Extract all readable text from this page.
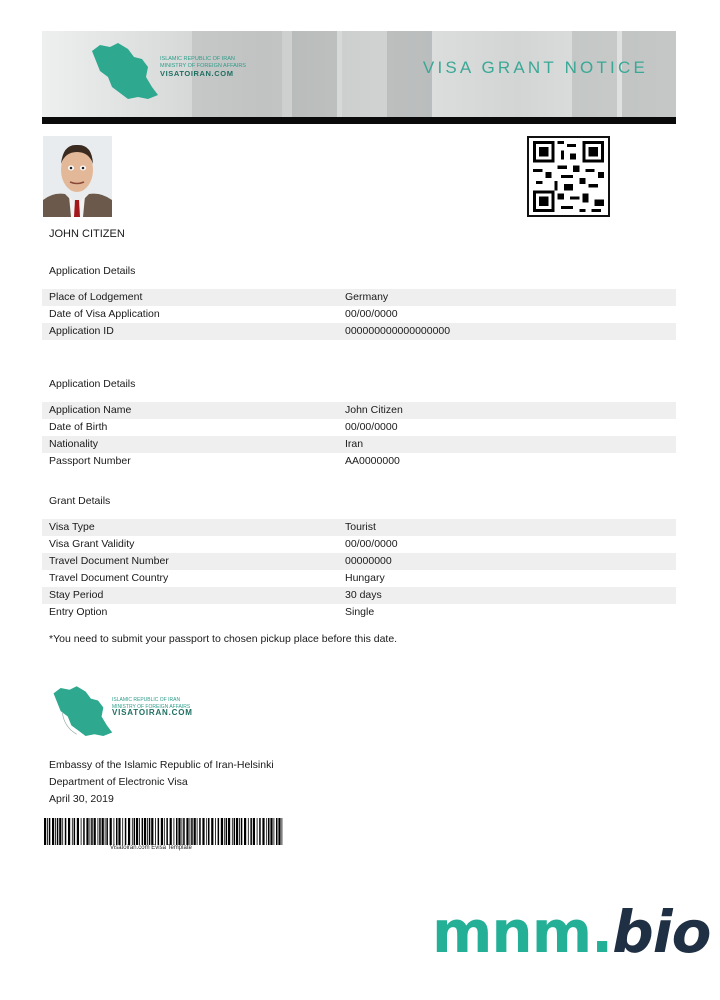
ISLAMIC REPUBLIC OF IRAN
MINISTRY OF FOREIGN AFFAIRS
VISATOIRAN.COM	VISA GRANT NOTICE
JOHN CITIZEN
Application Details
Place of Lodgement	Germany
Date of Visa Application	00/00/0000
Application ID	000000000000000000
Application Details
Application Name	John Citizen
Date of Birth	00/00/0000
Nationality	Iran
Passport Number	AA0000000
Grant Details
Visa Type	Tourist
Visa Grant Validity	00/00/0000
Travel Document Number	00000000
Travel Document Country	Hungary
Stay Period	30 days
Entry Option	Single
*You need to submit your passport to chosen pickup place before this date.
ISLAMIC REPUBLIC OF IRAN
MINISTRY OF FOREIGN AFFAIRS
VISATOIRAN.COM
Embassy of the Islamic Republic of Iran-Helsinki
Department of Electronic Visa
April 30, 2019
Visatoiran.com Evisa Template
mnm.bio
